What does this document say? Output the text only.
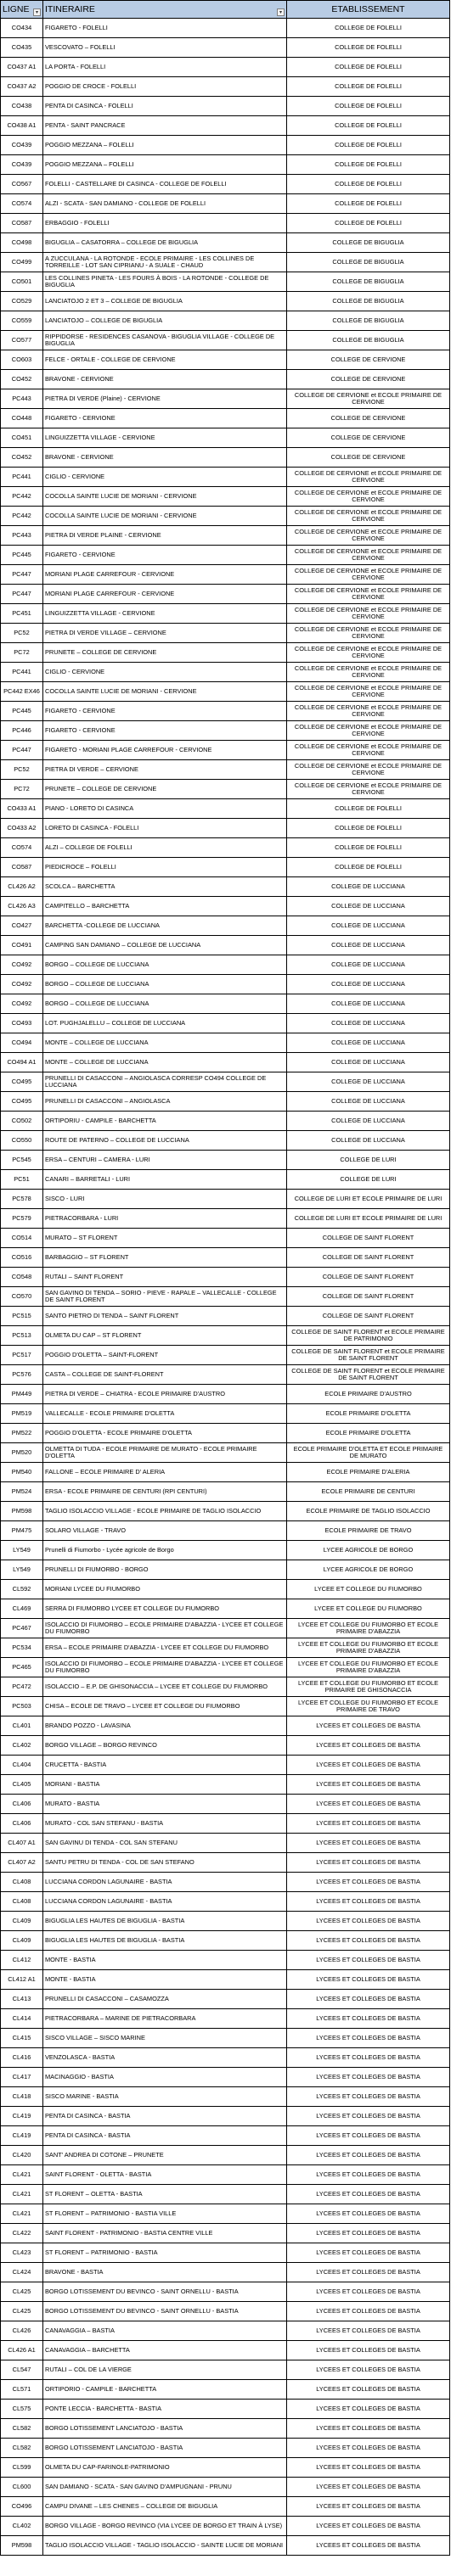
LIGNE ▾	ITINERAIRE ▾	ETABLISSEMENT
CO434	FIGARETO - FOLELLI	COLLEGE DE FOLELLI
CO435	VESCOVATO – FOLELLI	COLLEGE DE FOLELLI
CO437 A1	LA PORTA - FOLELLI	COLLEGE DE FOLELLI
CO437 A2	POGGIO DE CROCE - FOLELLI	COLLEGE DE FOLELLI
CO438	PENTA DI CASINCA - FOLELLI	COLLEGE DE FOLELLI
CO438 A1	PENTA - SAINT PANCRACE	COLLEGE DE FOLELLI
CO439	POGGIO MEZZANA – FOLELLI	COLLEGE DE FOLELLI
CO439	POGGIO MEZZANA – FOLELLI	COLLEGE DE FOLELLI
CO567	FOLELLI - CASTELLARE DI CASINCA - COLLEGE DE FOLELLI	COLLEGE DE FOLELLI
CO574	ALZI - SCATA - SAN DAMIANO - COLLEGE DE FOLELLI	COLLEGE DE FOLELLI
CO587	ERBAGGIO - FOLELLI	COLLEGE DE FOLELLI
CO498	BIGUGLIA – CASATORRA – COLLEGE DE BIGUGLIA	COLLEGE DE BIGUGLIA
CO499	A ZUCCULANA - LA ROTONDE - ECOLE PRIMAIRE - LES COLLINES DE TORREILLE - LOT SAN CIPRIANU - A SUALE - CHAUD	COLLEGE DE BIGUGLIA
CO501	LES COLLINES PINETA - LES FOURS À BOIS - LA ROTONDE - COLLEGE DE BIGUGLIA	COLLEGE DE BIGUGLIA
CO529	LANCIATOJO 2 ET 3 – COLLEGE DE BIGUGLIA	COLLEGE DE BIGUGLIA
CO559	LANCIATOJO – COLLEGE DE BIGUGLIA	COLLEGE DE BIGUGLIA
CO577	RIPPIDORSE - RESIDENCES CASANOVA - BIGUGLIA VILLAGE - COLLEGE DE BIGUGLIA	COLLEGE DE BIGUGLIA
CO603	FELCE - ORTALE - COLLEGE DE CERVIONE	COLLEGE DE CERVIONE
CO452	BRAVONE - CERVIONE	COLLEGE DE CERVIONE
PC443	PIETRA DI VERDE (Plaine) - CERVIONE	COLLEGE DE CERVIONE et ECOLE PRIMAIRE DE CERVIONE
CO448	FIGARETO - CERVIONE	COLLEGE DE CERVIONE
CO451	LINGUIZZETTA VILLAGE - CERVIONE	COLLEGE DE CERVIONE
CO452	BRAVONE - CERVIONE	COLLEGE DE CERVIONE
PC441	CIGLIO - CERVIONE	COLLEGE DE CERVIONE et ECOLE PRIMAIRE DE CERVIONE
PC442	COCOLLA SAINTE LUCIE DE MORIANI - CERVIONE	COLLEGE DE CERVIONE et ECOLE PRIMAIRE DE CERVIONE
PC442	COCOLLA SAINTE LUCIE DE MORIANI - CERVIONE	COLLEGE DE CERVIONE et ECOLE PRIMAIRE DE CERVIONE
PC443	PIETRA DI VERDE PLAINE - CERVIONE	COLLEGE DE CERVIONE et ECOLE PRIMAIRE DE CERVIONE
PC445	FIGARETO - CERVIONE	COLLEGE DE CERVIONE et ECOLE PRIMAIRE DE CERVIONE
PC447	MORIANI PLAGE CARREFOUR - CERVIONE	COLLEGE DE CERVIONE et ECOLE PRIMAIRE DE CERVIONE
PC447	MORIANI PLAGE CARREFOUR - CERVIONE	COLLEGE DE CERVIONE et ECOLE PRIMAIRE DE CERVIONE
PC451	LINGUIZZETTA VILLAGE - CERVIONE	COLLEGE DE CERVIONE et ECOLE PRIMAIRE DE CERVIONE
PC52	PIETRA DI VERDE VILLAGE – CERVIONE	COLLEGE DE CERVIONE et ECOLE PRIMAIRE DE CERVIONE
PC72	PRUNETE – COLLEGE DE CERVIONE	COLLEGE DE CERVIONE et ECOLE PRIMAIRE DE CERVIONE
PC441	CIGLIO - CERVIONE	COLLEGE DE CERVIONE et ECOLE PRIMAIRE DE CERVIONE
PC442 EX46	COCOLLA SAINTE LUCIE DE MORIANI - CERVIONE	COLLEGE DE CERVIONE et ECOLE PRIMAIRE DE CERVIONE
PC445	FIGARETO - CERVIONE	COLLEGE DE CERVIONE et ECOLE PRIMAIRE DE CERVIONE
PC446	FIGARETO - CERVIONE	COLLEGE DE CERVIONE et ECOLE PRIMAIRE DE CERVIONE
PC447	FIGARETO - MORIANI PLAGE CARREFOUR - CERVIONE	COLLEGE DE CERVIONE et ECOLE PRIMAIRE DE CERVIONE
PC52	PIETRA DI VERDE – CERVIONE	COLLEGE DE CERVIONE et ECOLE PRIMAIRE DE CERVIONE
PC72	PRUNETE – COLLEGE DE CERVIONE	COLLEGE DE CERVIONE et ECOLE PRIMAIRE DE CERVIONE
CO433 A1	PIANO - LORETO DI CASINCA	COLLEGE DE FOLELLI
CO433 A2	LORETO DI CASINCA - FOLELLI	COLLEGE DE FOLELLI
CO574	ALZI – COLLEGE DE FOLELLI	COLLEGE DE FOLELLI
CO587	PIEDICROCE – FOLELLI	COLLEGE DE FOLELLI
CL426 A2	SCOLCA – BARCHETTA	COLLEGE DE LUCCIANA
CL426 A3	CAMPITELLO – BARCHETTA	COLLEGE DE LUCCIANA
CO427	BARCHETTA -COLLEGE DE LUCCIANA	COLLEGE DE LUCCIANA
CO491	CAMPING SAN DAMIANO – COLLEGE DE LUCCIANA	COLLEGE DE LUCCIANA
CO492	BORGO – COLLEGE DE LUCCIANA	COLLEGE DE LUCCIANA
CO492	BORGO – COLLEGE DE LUCCIANA	COLLEGE DE LUCCIANA
CO492	BORGO – COLLEGE DE LUCCIANA	COLLEGE DE LUCCIANA
CO493	LOT. PUGHJALELLU – COLLEGE DE LUCCIANA	COLLEGE DE LUCCIANA
CO494	MONTE – COLLEGE DE LUCCIANA	COLLEGE DE LUCCIANA
CO494 A1	MONTE – COLLEGE DE LUCCIANA	COLLEGE DE LUCCIANA
CO495	PRUNELLI DI CASACCONI – ANGIOLASCA CORRESP CO494 COLLEGE DE LUCCIANA	COLLEGE DE LUCCIANA
CO495	PRUNELLI DI CASACCONI – ANGIOLASCA	COLLEGE DE LUCCIANA
CO502	ORTIPORIU - CAMPILE - BARCHETTA	COLLEGE DE LUCCIANA
CO550	ROUTE DE PATERNO – COLLEGE DE LUCCIANA	COLLEGE DE LUCCIANA
PC545	ERSA – CENTURI – CAMERA - LURI	COLLEGE DE LURI
PC51	CANARI – BARRETALI - LURI	COLLEGE DE LURI
PC578	SISCO - LURI	COLLEGE DE LURI ET ECOLE PRIMAIRE DE LURI
PC579	PIETRACORBARA - LURI	COLLEGE DE LURI ET ECOLE PRIMAIRE DE LURI
CO514	MURATO – ST FLORENT	COLLEGE DE SAINT FLORENT
CO516	BARBAGGIO – ST FLORENT	COLLEGE DE SAINT FLORENT
CO548	RUTALI – SAINT FLORENT	COLLEGE DE SAINT FLORENT
CO570	SAN GAVINO DI TENDA – SORIO - PIEVE - RAPALE – VALLECALLE - COLLEGE DE SAINT FLORENT	COLLEGE DE SAINT FLORENT
PC515	SANTO PIETRO DI TENDA – SAINT FLORENT	COLLEGE DE SAINT FLORENT
PC513	OLMETA DU CAP – ST FLORENT	COLLEGE DE SAINT FLORENT et ECOLE PRIMAIRE DE PATRIMONIO
PC517	POGGIO D'OLETTA – SAINT-FLORENT	COLLEGE DE SAINT FLORENT et ECOLE PRIMAIRE DE SAINT FLORENT
PC576	CASTA – COLLEGE DE SAINT-FLORENT	COLLEGE DE SAINT FLORENT et ECOLE PRIMAIRE DE SAINT FLORENT
PM449	PIETRA DI VERDE – CHIATRA - ECOLE PRIMAIRE D'AUSTRO	ECOLE PRIMAIRE D'AUSTRO
PM519	VALLECALLE - ECOLE PRIMAIRE D'OLETTA	ECOLE PRIMAIRE D'OLETTA
PM522	POGGIO D'OLETTA - ECOLE PRIMAIRE D'OLETTA	ECOLE PRIMAIRE D'OLETTA
PM520	OLMETTA DI TUDA - ECOLE PRIMAIRE DE MURATO - ECOLE PRIMAIRE D'OLETTA	ECOLE PRIMAIRE D'OLETTA ET ECOLE PRIMAIRE DE MURATO
PM540	FALLONE – ECOLE PRIMAIRE D' ALERIA	ECOLE PRIMAIRE D'ALERIA
PM524	ERSA - ECOLE PRIMAIRE DE CENTURI (RPI CENTURI)	ECOLE PRIMAIRE DE CENTURI
PM598	TAGLIO ISOLACCIO VILLAGE - ECOLE PRIMAIRE DE TAGLIO ISOLACCIO	ECOLE PRIMAIRE DE TAGLIO ISOLACCIO
PM475	SOLARO VILLAGE - TRAVO	ECOLE PRIMAIRE DE TRAVO
LY549	Prunelli di Fiumorbo - Lycée agricole de Borgo	LYCEE AGRICOLE DE BORGO
LY549	PRUNELLI DI FIUMORBO - BORGO	LYCEE AGRICOLE DE BORGO
CL592	MORIANI LYCEE DU FIUMORBO	LYCEE ET COLLEGE DU FIUMORBO
CL469	SERRA DI FIUMORBO LYCEE ET COLLEGE DU FIUMORBO	LYCEE ET COLLEGE DU FIUMORBO
PC467	ISOLACCIO DI FIUMORBO – ECOLE PRIMAIRE D'ABAZZIA - LYCEE ET COLLEGE DU FIUMORBO	LYCEE ET COLLEGE DU FIUMORBO ET ECOLE PRIMAIRE D'ABAZZIA
PC534	ERSA – ECOLE PRIMAIRE D'ABAZZIA - LYCEE ET COLLEGE DU FIUMORBO	LYCEE ET COLLEGE DU FIUMORBO ET ECOLE PRIMAIRE D'ABAZZIA
PC465	ISOLACCIO DI FIUMORBO – ECOLE PRIMAIRE D'ABAZZIA - LYCEE ET COLLEGE DU FIUMORBO	LYCEE ET COLLEGE DU FIUMORBO ET ECOLE PRIMAIRE D'ABAZZIA
PC472	ISOLACCIO – E.P. DE GHISONACCIA – LYCEE ET COLLEGE DU FIUMORBO	LYCEE ET COLLEGE DU FIUMORBO ET ECOLE PRIMAIRE DE GHISONACCIA
PC503	CHISA – ECOLE DE TRAVO – LYCEE ET COLLEGE DU FIUMORBO	LYCEE ET COLLEGE DU FIUMORBO ET ECOLE PRIMAIRE DE TRAVO
CL401	BRANDO POZZO - LAVASINA	LYCEES ET COLLEGES DE BASTIA
CL402	BORGO VILLAGE – BORGO REVINCO	LYCEES ET COLLEGES DE BASTIA
CL404	CRUCETTA - BASTIA	LYCEES ET COLLEGES DE BASTIA
CL405	MORIANI - BASTIA	LYCEES ET COLLEGES DE BASTIA
CL406	MURATO - BASTIA	LYCEES ET COLLEGES DE BASTIA
CL406	MURATO - COL SAN STEFANU - BASTIA	LYCEES ET COLLEGES DE BASTIA
CL407 A1	SAN GAVINU DI TENDA - COL SAN STEFANU	LYCEES ET COLLEGES DE BASTIA
CL407 A2	SANTU PETRU DI TENDA - COL DE SAN STEFANO	LYCEES ET COLLEGES DE BASTIA
CL408	LUCCIANA CORDON LAGUNAIRE - BASTIA	LYCEES ET COLLEGES DE BASTIA
CL408	LUCCIANA CORDON LAGUNAIRE - BASTIA	LYCEES ET COLLEGES DE BASTIA
CL409	BIGUGLIA LES HAUTES DE BIGUGLIA - BASTIA	LYCEES ET COLLEGES DE BASTIA
CL409	BIGUGLIA LES HAUTES DE BIGUGLIA - BASTIA	LYCEES ET COLLEGES DE BASTIA
CL412	MONTE - BASTIA	LYCEES ET COLLEGES DE BASTIA
CL412 A1	MONTE - BASTIA	LYCEES ET COLLEGES DE BASTIA
CL413	PRUNELLI DI CASACCONI – CASAMOZZA	LYCEES ET COLLEGES DE BASTIA
CL414	PIETRACORBARA – MARINE DE PIETRACORBARA	LYCEES ET COLLEGES DE BASTIA
CL415	SISCO VILLAGE – SISCO MARINE	LYCEES ET COLLEGES DE BASTIA
CL416	VENZOLASCA - BASTIA	LYCEES ET COLLEGES DE BASTIA
CL417	MACINAGGIO - BASTIA	LYCEES ET COLLEGES DE BASTIA
CL418	SISCO MARINE - BASTIA	LYCEES ET COLLEGES DE BASTIA
CL419	PENTA DI CASINCA - BASTIA	LYCEES ET COLLEGES DE BASTIA
CL419	PENTA DI CASINCA - BASTIA	LYCEES ET COLLEGES DE BASTIA
CL420	SANT' ANDREA DI COTONE – PRUNETE	LYCEES ET COLLEGES DE BASTIA
CL421	SAINT FLORENT - OLETTA - BASTIA	LYCEES ET COLLEGES DE BASTIA
CL421	ST FLORENT – OLETTA - BASTIA	LYCEES ET COLLEGES DE BASTIA
CL421	ST FLORENT – PATRIMONIO - BASTIA VILLE	LYCEES ET COLLEGES DE BASTIA
CL422	SAINT FLORENT - PATRIMONIO - BASTIA CENTRE VILLE	LYCEES ET COLLEGES DE BASTIA
CL423	ST FLORENT – PATRIMONIO - BASTIA	LYCEES ET COLLEGES DE BASTIA
CL424	BRAVONE - BASTIA	LYCEES ET COLLEGES DE BASTIA
CL425	BORGO LOTISSEMENT DU BEVINCO - SAINT ORNELLU - BASTIA	LYCEES ET COLLEGES DE BASTIA
CL425	BORGO LOTISSEMENT DU BEVINCO - SAINT ORNELLU - BASTIA	LYCEES ET COLLEGES DE BASTIA
CL426	CANAVAGGIA – BASTIA	LYCEES ET COLLEGES DE BASTIA
CL426 A1	CANAVAGGIA – BARCHETTA	LYCEES ET COLLEGES DE BASTIA
CL547	RUTALI – COL DE LA VIERGE	LYCEES ET COLLEGES DE BASTIA
CL571	ORTIPORIO - CAMPILE - BARCHETTA	LYCEES ET COLLEGES DE BASTIA
CL575	PONTE LECCIA - BARCHETTA - BASTIA	LYCEES ET COLLEGES DE BASTIA
CL582	BORGO LOTISSEMENT LANCIATOJO - BASTIA	LYCEES ET COLLEGES DE BASTIA
CL582	BORGO LOTISSEMENT LANCIATOJO - BASTIA	LYCEES ET COLLEGES DE BASTIA
CL599	OLMETA DU CAP-FARINOLE-PATRIMONIO	LYCEES ET COLLEGES DE BASTIA
CL600	SAN DAMIANO - SCATA - SAN GAVINO D'AMPUGNANI - PRUNU	LYCEES ET COLLEGES DE BASTIA
CO496	CAMPU DIVANE – LES CHENES – COLLEGE DE BIGUGLIA	LYCEES ET COLLEGES DE BASTIA
CL402	BORGO VILLAGE - BORGO REVINCO (VIA LYCEE DE BORGO ET TRAIN À LYSE)	LYCEES ET COLLEGES DE BASTIA
PM598	TAGLIO ISOLACCIO VILLAGE - TAGLIO ISOLACCIO - SAINTE LUCIE DE MORIANI	LYCEES ET COLLEGES DE BASTIA
